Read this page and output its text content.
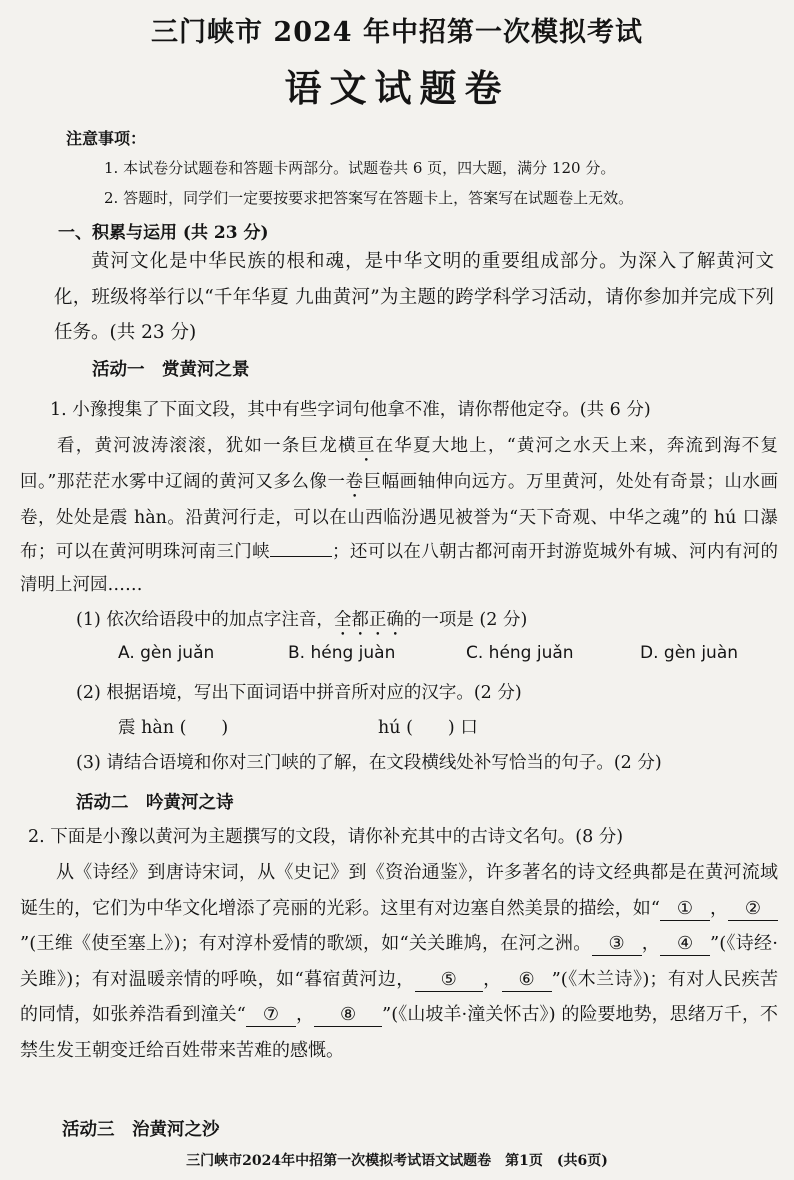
三门峡市 2024 年中招第一次模拟考试
语文试题卷
注意事项：
1. 本试卷分试题卷和答题卡两部分。试题卷共 6 页，四大题，满分 120 分。
2. 答题时，同学们一定要按要求把答案写在答题卡上，答案写在试题卷上无效。
一、积累与运用 (共 23 分)
黄河文化是中华民族的根和魂，是中华文明的重要组成部分。为深入了解黄河文化，班级将举行以“千年华夏 九曲黄河”为主题的跨学科学习活动，请你参加并完成下列任务。(共 23 分)
活动一　赏黄河之景
1. 小豫搜集了下面文段，其中有些字词句他拿不准，请你帮他定夺。(共 6 分)
看，黄河波涛滚滚，犹如一条巨龙横亘在华夏大地上，“黄河之水天上来，奔流到海不复回。”那茫茫水雾中辽阔的黄河又多么像一卷巨幅画轴伸向远方。万里黄河，处处有奇景；山水画卷，处处是震 hàn。沿黄河行走，可以在山西临汾遇见被誉为“天下奇观、中华之魂”的 hú 口瀑布；可以在黄河明珠河南三门峡	；还可以在八朝古都河南开封游览城外有城、河内有河的清明上河园……
(1) 依次给语段中的加点字注音，全都正确的一项是 (2 分)
A. gèn juǎn	B. héng juàn	C. héng juǎn	D. gèn juàn
(2) 根据语境，写出下面词语中拼音所对应的汉字。(2 分)
震 hàn (　　)	hú (　　) 口
(3) 请结合语境和你对三门峡的了解，在文段横线处补写恰当的句子。(2 分)
活动二　吟黄河之诗
2. 下面是小豫以黄河为主题撰写的文段，请你补充其中的古诗文名句。(8 分)
从《诗经》到唐诗宋词，从《史记》到《资治通鉴》，许多著名的诗文经典都是在黄河流域诞生的，它们为中华文化增添了亮丽的光彩。这里有对边塞自然美景的描绘，如“ ① ， ②”(王维《使至塞上》)；有对淳朴爱情的歌颂，如“关关雎鸠，在河之洲。 ③ ， ④ ”(《诗经·关雎》)；有对温暖亲情的呼唤，如“暮宿黄河边， ⑤ ， ⑥ ”(《木兰诗》)；有对人民疾苦的同情，如张养浩看到潼关“ ⑦ ， ⑧ ”(《山坡羊·潼关怀古》) 的险要地势，思绪万千，不禁生发王朝变迁给百姓带来苦难的感慨。
活动三　治黄河之沙
三门峡市2024年中招第一次模拟考试语文试题卷　第1页　(共6页)
